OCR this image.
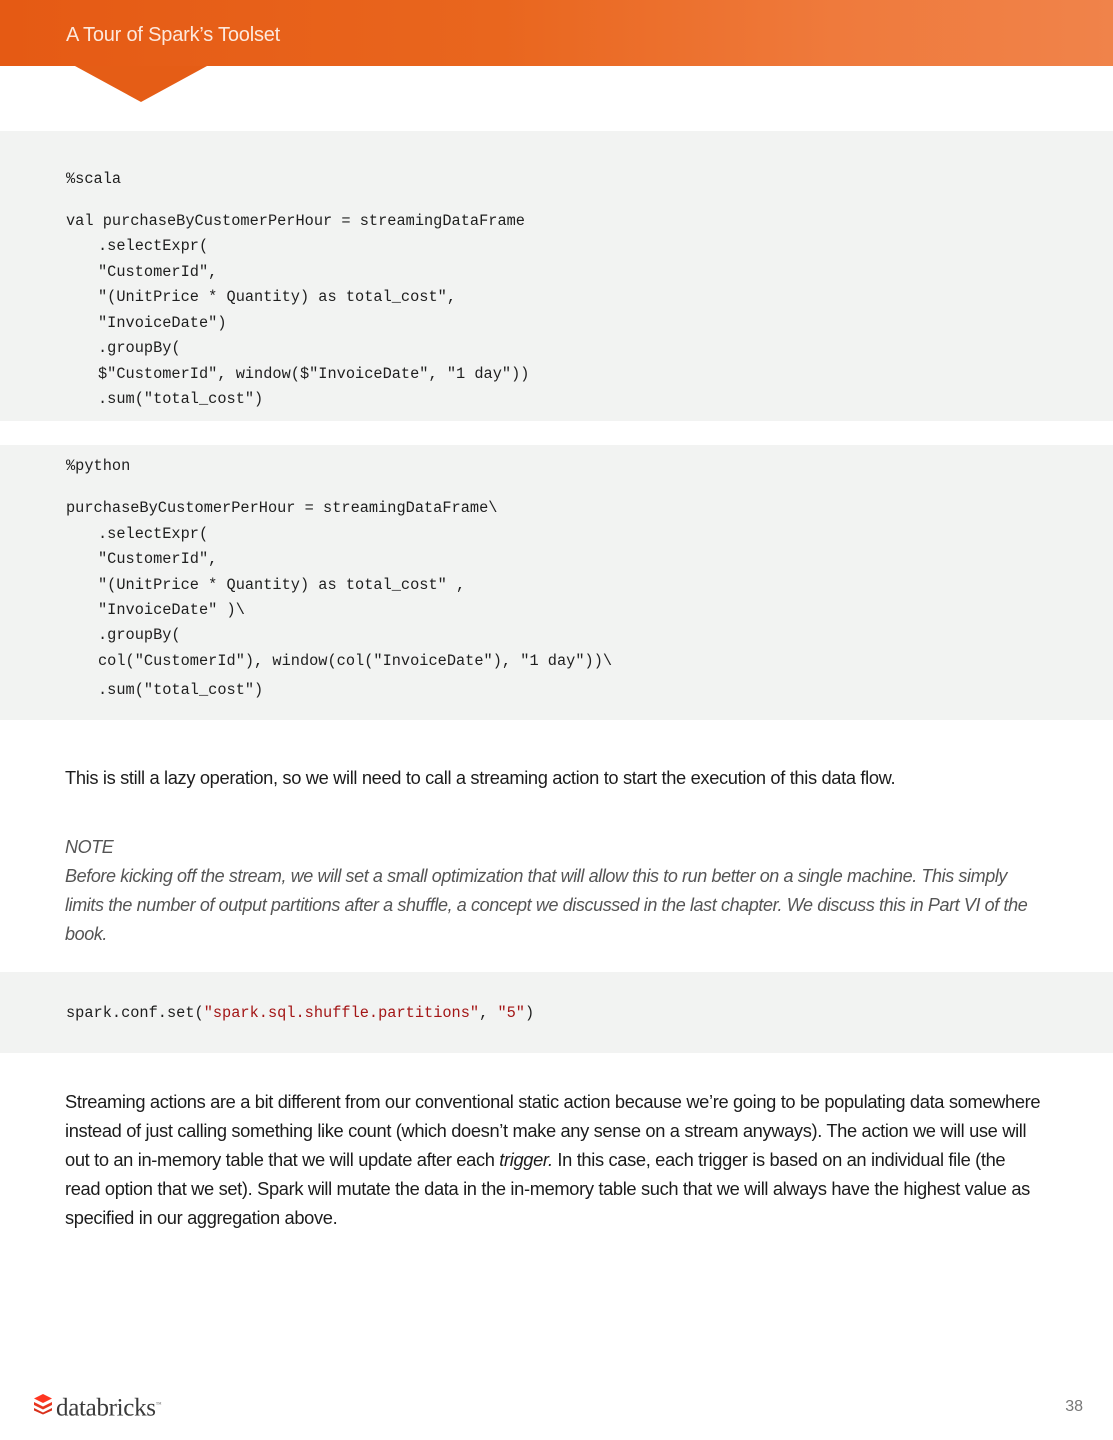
A Tour of Spark’s Toolset
%scala
val purchaseByCustomerPerHour = streamingDataFrame
.selectExpr(
"CustomerId",
"(UnitPrice * Quantity) as total_cost",
"InvoiceDate")
.groupBy(
$"CustomerId", window($"InvoiceDate", "1 day"))
.sum("total_cost")
%python
purchaseByCustomerPerHour = streamingDataFrame\
.selectExpr(
"CustomerId",
"(UnitPrice * Quantity) as total_cost" ,
"InvoiceDate" )\
.groupBy(
col("CustomerId"), window(col("InvoiceDate"), "1 day"))\
.sum("total_cost")

This is still a lazy operation, so we will need to call a streaming action to start the execution of this data flow.

NOTE
Before kicking off the stream, we will set a small optimization that will allow this to run better on a single machine. This simply limits the number of output partitions after a shuffle, a concept we discussed in the last chapter. We discuss this in Part VI of the book.
spark.conf.set("spark.sql.shuffle.partitions", "5")

Streaming actions are a bit different from our conventional static action because we’re going to be populating data somewhere instead of just calling something like count (which doesn’t make any sense on a stream anyways). The action we will use will out to an in-memory table that we will update after each trigger. In this case, each trigger is based on an individual file (the read option that we set). Spark will mutate the data in the in-memory table such that we will always have the highest value as specified in our aggregation above.

databricks™	38
